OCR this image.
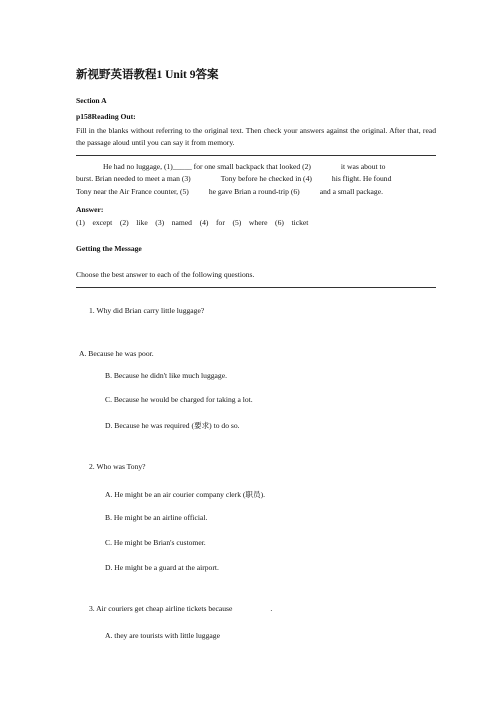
新视野英语教程1 Unit 9答案
Section A
p158Reading Out:

Fill in the blanks without referring to the original text. Then check your answers against the original. After that, read the passage aloud until you can say it from memory.

He had no luggage, (1)_____ for one small backpack that looked (2)	it was about to

burst. Brian needed to meet a man (3)	Tony before he checked in (4)	his flight. He found

Tony near the Air France counter, (5)	he gave Brian a round-trip (6)	and a small package.

Answer:
(1)    except    (2)    like    (3)    named    (4)    for    (5)    where    (6)    ticket
Getting the Message
Choose the best answer to each of the following questions.
1. Why did Brian carry little luggage?
A. Because he was poor.
B. Because he didn't like much luggage.
C. Because he would be charged for taking a lot.
D. Because he was required (要求) to do so.
2. Who was Tony?
A. He might be an air courier company clerk (职员).
B. He might be an airline official.
C. He might be Brian's customer.
D. He might be a guard at the airport.
3. Air couriers get cheap airline tickets because	.
A. they are tourists with little luggage
